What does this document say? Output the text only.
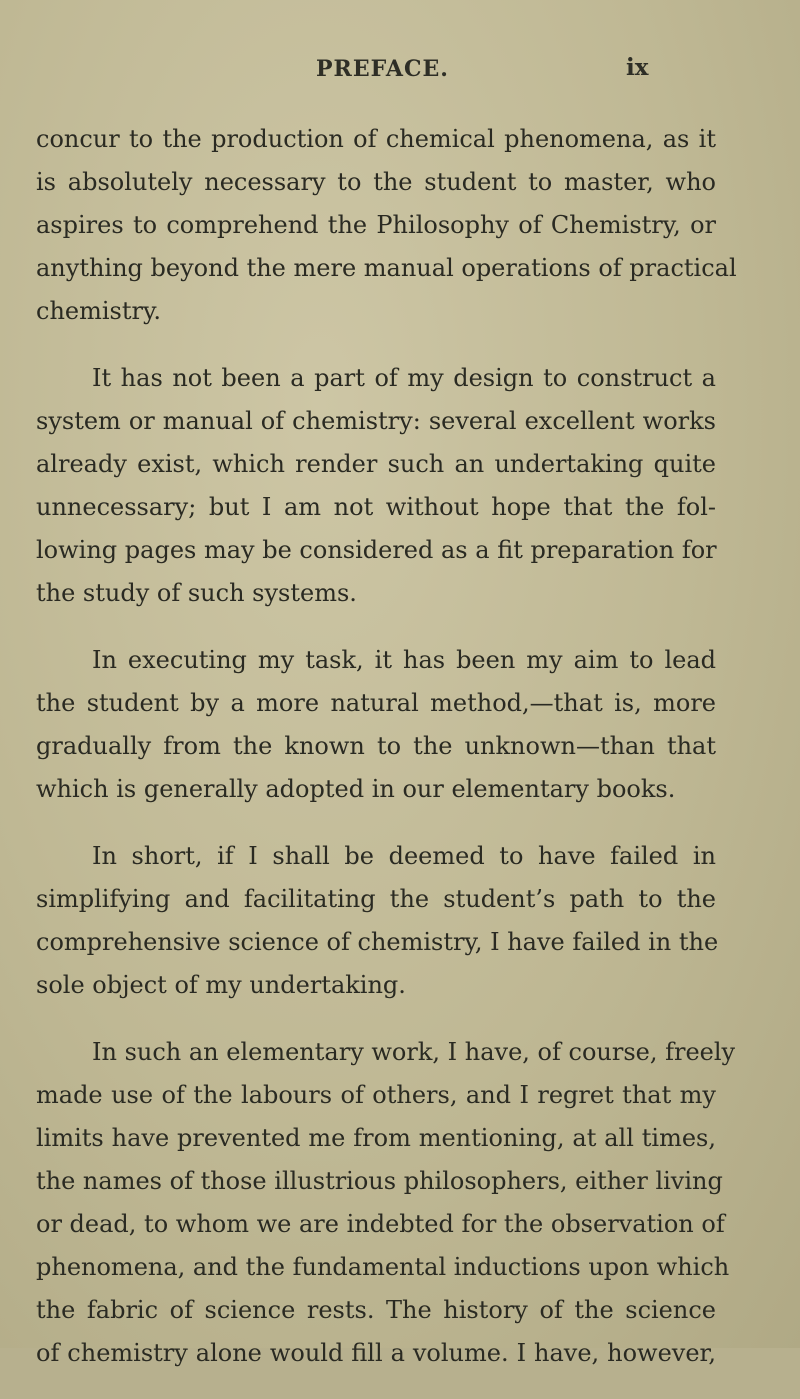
PREFACE.	ix
concur to the production of chemical phenomena, as it
is absolutely necessary to the student to master, who
aspires to comprehend the Philosophy of Chemistry, or
anything beyond the mere manual operations of practical
chemistry.
It has not been a part of my design to construct a
system or manual of chemistry: several excellent works
already exist, which render such an undertaking quite
unnecessary; but I am not without hope that the fol-
lowing pages may be considered as a fit preparation for
the study of such systems.
In executing my task, it has been my aim to lead
the student by a more natural method,—that is, more
gradually from the known to the unknown—than that
which is generally adopted in our elementary books.
In short, if I shall be deemed to have failed in
simplifying and facilitating the student’s path to the
comprehensive science of chemistry, I have failed in the
sole object of my undertaking.
In such an elementary work, I have, of course, freely
made use of the labours of others, and I regret that my
limits have prevented me from mentioning, at all times,
the names of those illustrious philosophers, either living
or dead, to whom we are indebted for the observation of
phenomena, and the fundamental inductions upon which
the fabric of science rests. The history of the science
of chemistry alone would fill a volume. I have, however,
